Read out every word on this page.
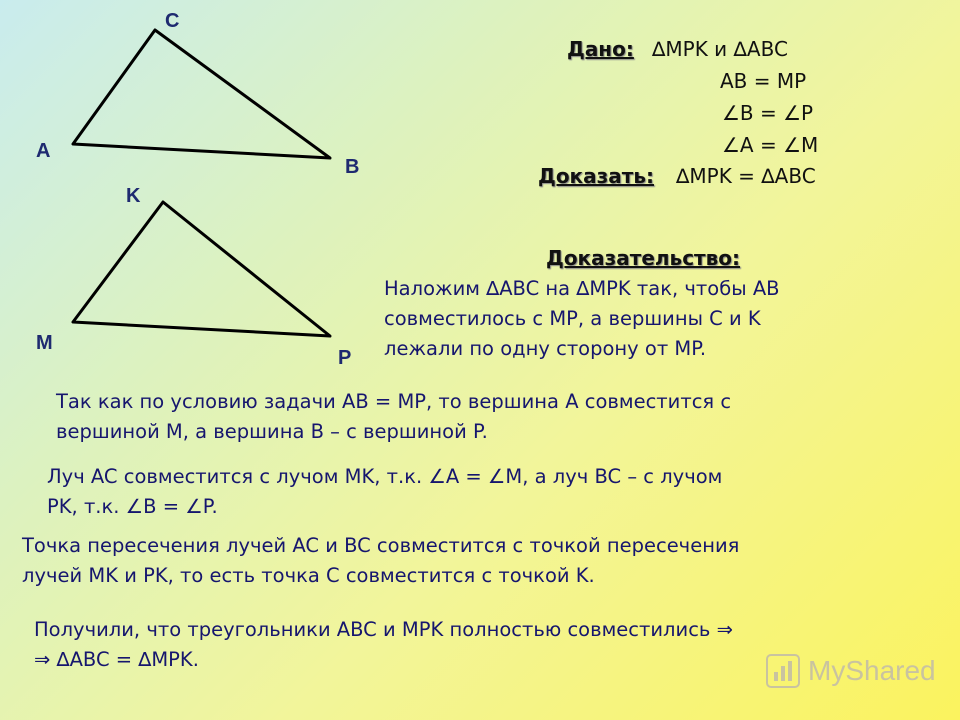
C
A
B
K
M
P
Дано: ∆MPK и ∆ABC
AB = MP
∠B = ∠P
∠A = ∠M
Доказать: ∆MPK = ∆ABC
Доказательство:
Наложим ∆ABC на ∆MPK так, чтобы AB
совместилось с MP, а вершины C и K
лежали по одну сторону от MP.
Так как по условию задачи AB = MP, то вершина A совместится с
вершиной M, а вершина B – с вершиной P.
Луч AC совместится с лучом MK, т.к. ∠A = ∠M, а луч BC – с лучом
PK, т.к. ∠B = ∠P.
Точка пересечения лучей AC и BC совместится с точкой пересечения
лучей MK и PK, то есть точка C совместится с точкой K.
Получили, что треугольники ABC и MPK полностью совместились ⇒
⇒ ∆ABC = ∆MPK.	MyShared
